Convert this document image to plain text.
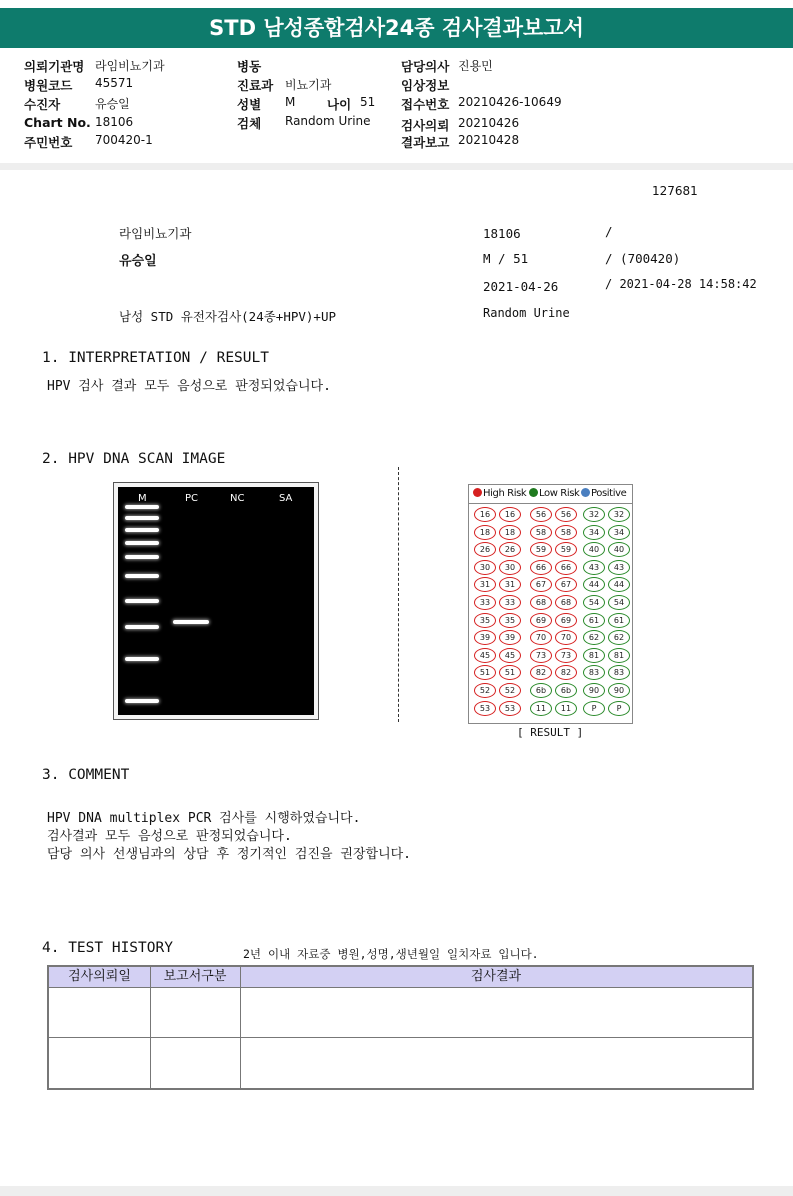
STD 남성종합검사24종 검사결과보고서
의뢰기관명 라임비뇨기과
병원코드 45571
수진자	유승일
Chart No. 18106
주민번호 700420-1
병동
진료과 비뇨기과
성별 M	나이 51
검체 Random Urine
담당의사 진용민
임상정보
접수번호 20210426-10649
검사의뢰 20210426
결과보고 20210428
127681
라임비뇨기과
유승일
남성 STD 유전자검사(24종+HPV)+UP
18106	/
M / 51	/ (700420)
2021-04-26	/ 2021-04-28 14:58:42
Random Urine
1. INTERPRETATION / RESULT
HPV 검사 결과 모두 음성으로 판정되었습니다.
2. HPV DNA SCAN IMAGE
M	PC	NC	SA	High Risk	Low Risk	Positive
16	16
18	18
26	26
30	30
31	31
33	33
35	35
39	39
45	45
51	51
52	52
53	53
56	56
58	58
59	59
66	66
67	67
68	68
69	69
70	70
73	73
82	82
6b	6b
11	11
32	32
34	34
40	40
43	43
44	44
54	54
61	61
62	62
81	81
83	83
90	90
P	P
[ RESULT ]
3. COMMENT
HPV DNA multiplex PCR 검사를 시행하였습니다.
검사결과 모두 음성으로 판정되었습니다.
담당 의사 선생님과의 상담 후 정기적인 검진을 권장합니다.
4. TEST HISTORY	2년 이내 자료중 병원,성명,생년월일 일치자료 입니다.
검사의뢰일	보고서구분	검사결과
